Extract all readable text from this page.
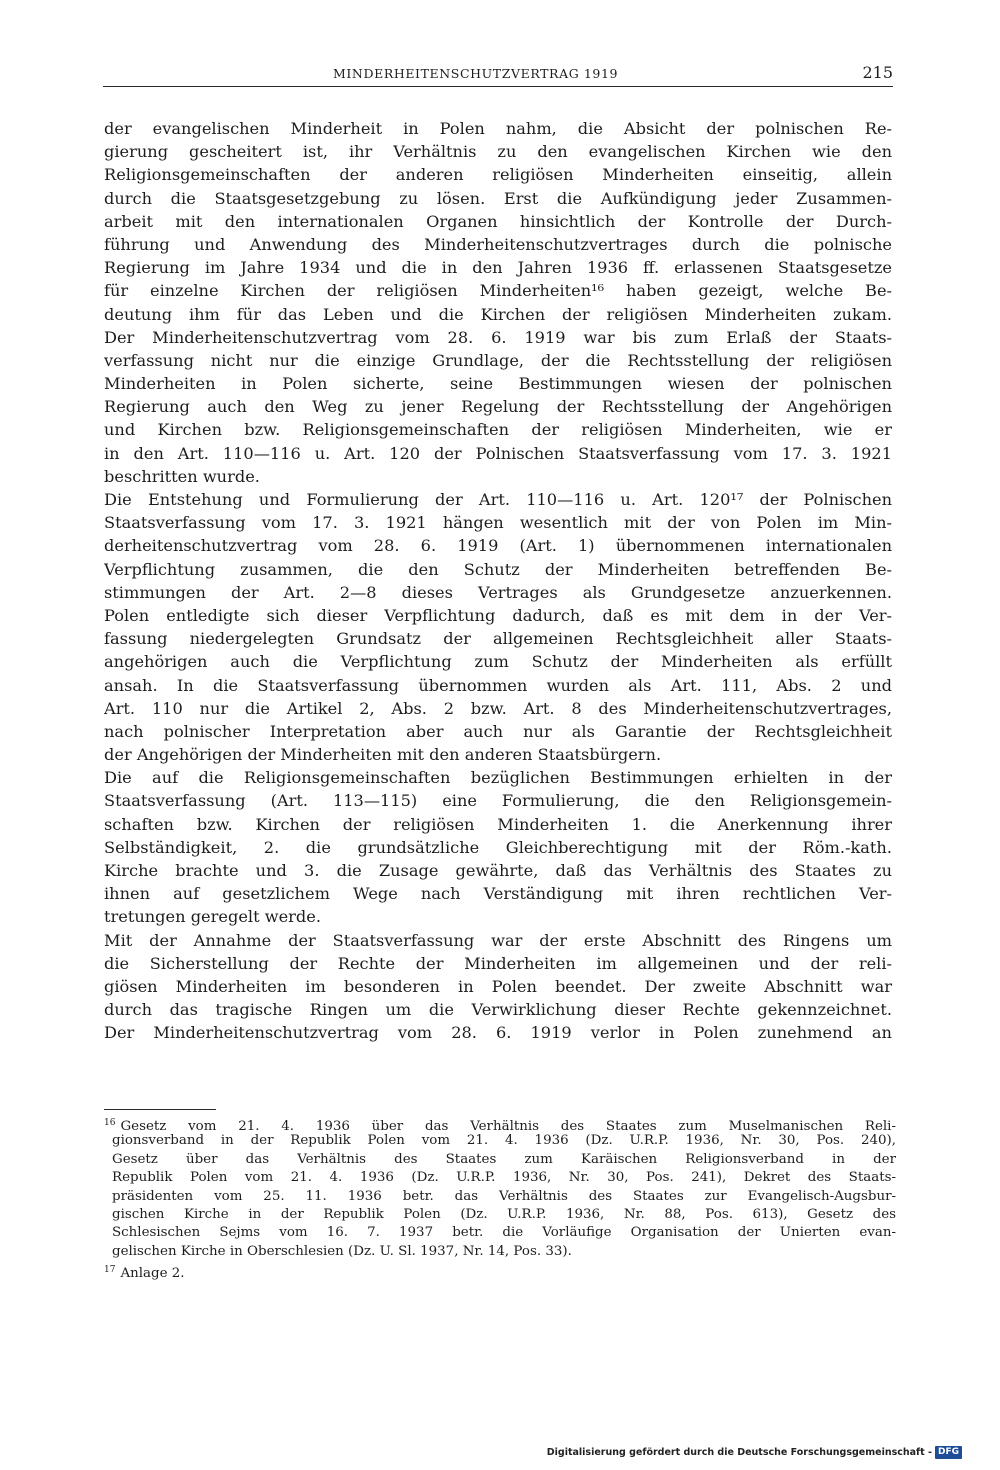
MINDERHEITENSCHUTZVERTRAG 1919	215
der evangelischen Minderheit in Polen nahm, die Absicht der polnischen Re-
gierung gescheitert ist, ihr Verhältnis zu den evangelischen Kirchen wie den
Religionsgemeinschaften der anderen religiösen Minderheiten einseitig, allein
durch die Staatsgesetzgebung zu lösen. Erst die Aufkündigung jeder Zusammen-
arbeit mit den internationalen Organen hinsichtlich der Kontrolle der Durch-
führung und Anwendung des Minderheitenschutzvertrages durch die polnische
Regierung im Jahre 1934 und die in den Jahren 1936 ff. erlassenen Staatsgesetze
für einzelne Kirchen der religiösen Minderheiten¹⁶ haben gezeigt, welche Be-
deutung ihm für das Leben und die Kirchen der religiösen Minderheiten zukam.
Der Minderheitenschutzvertrag vom 28. 6. 1919 war bis zum Erlaß der Staats-
verfassung nicht nur die einzige Grundlage, der die Rechtsstellung der religiösen
Minderheiten in Polen sicherte, seine Bestimmungen wiesen der polnischen
Regierung auch den Weg zu jener Regelung der Rechtsstellung der Angehörigen
und Kirchen bzw. Religionsgemeinschaften der religiösen Minderheiten, wie er
in den Art. 110—116 u. Art. 120 der Polnischen Staatsverfassung vom 17. 3. 1921
beschritten wurde.
Die Entstehung und Formulierung der Art. 110—116 u. Art. 120¹⁷ der Polnischen
Staatsverfassung vom 17. 3. 1921 hängen wesentlich mit der von Polen im Min-
derheitenschutzvertrag vom 28. 6. 1919 (Art. 1) übernommenen internationalen
Verpflichtung zusammen, die den Schutz der Minderheiten betreffenden Be-
stimmungen der Art. 2—8 dieses Vertrages als Grundgesetze anzuerkennen.
Polen entledigte sich dieser Verpflichtung dadurch, daß es mit dem in der Ver-
fassung niedergelegten Grundsatz der allgemeinen Rechtsgleichheit aller Staats-
angehörigen auch die Verpflichtung zum Schutz der Minderheiten als erfüllt
ansah. In die Staatsverfassung übernommen wurden als Art. 111, Abs. 2 und
Art. 110 nur die Artikel 2, Abs. 2 bzw. Art. 8 des Minderheitenschutzvertrages,
nach polnischer Interpretation aber auch nur als Garantie der Rechtsgleichheit
der Angehörigen der Minderheiten mit den anderen Staatsbürgern.
Die auf die Religionsgemeinschaften bezüglichen Bestimmungen erhielten in der
Staatsverfassung (Art. 113—115) eine Formulierung, die den Religionsgemein-
schaften bzw. Kirchen der religiösen Minderheiten 1. die Anerkennung ihrer
Selbständigkeit, 2. die grundsätzliche Gleichberechtigung mit der Röm.-kath.
Kirche brachte und 3. die Zusage gewährte, daß das Verhältnis des Staates zu
ihnen auf gesetzlichem Wege nach Verständigung mit ihren rechtlichen Ver-
tretungen geregelt werde.
Mit der Annahme der Staatsverfassung war der erste Abschnitt des Ringens um
die Sicherstellung der Rechte der Minderheiten im allgemeinen und der reli-
giösen Minderheiten im besonderen in Polen beendet. Der zweite Abschnitt war
durch das tragische Ringen um die Verwirklichung dieser Rechte gekennzeichnet.
Der Minderheitenschutzvertrag vom 28. 6. 1919 verlor in Polen zunehmend an
$^{16}$ Gesetz vom 21. 4. 1936 über das Verhältnis des Staates zum Muselmanischen Reli-
gionsverband in der Republik Polen vom 21. 4. 1936 (Dz. U.R.P. 1936, Nr. 30, Pos. 240),
Gesetz über das Verhältnis des Staates zum Karäischen Religionsverband in der
Republik Polen vom 21. 4. 1936 (Dz. U.R.P. 1936, Nr. 30, Pos. 241), Dekret des Staats-
präsidenten vom 25. 11. 1936 betr. das Verhältnis des Staates zur Evangelisch-Augsbur-
gischen Kirche in der Republik Polen (Dz. U.R.P. 1936, Nr. 88, Pos. 613), Gesetz des
Schlesischen Sejms vom 16. 7. 1937 betr. die Vorläufige Organisation der Unierten evan-
gelischen Kirche in Oberschlesien (Dz. U. Sl. 1937, Nr. 14, Pos. 33).
$^{17}$ Anlage 2.
Digitalisierung gefördert durch die Deutsche Forschungsgemeinschaft - DFG
